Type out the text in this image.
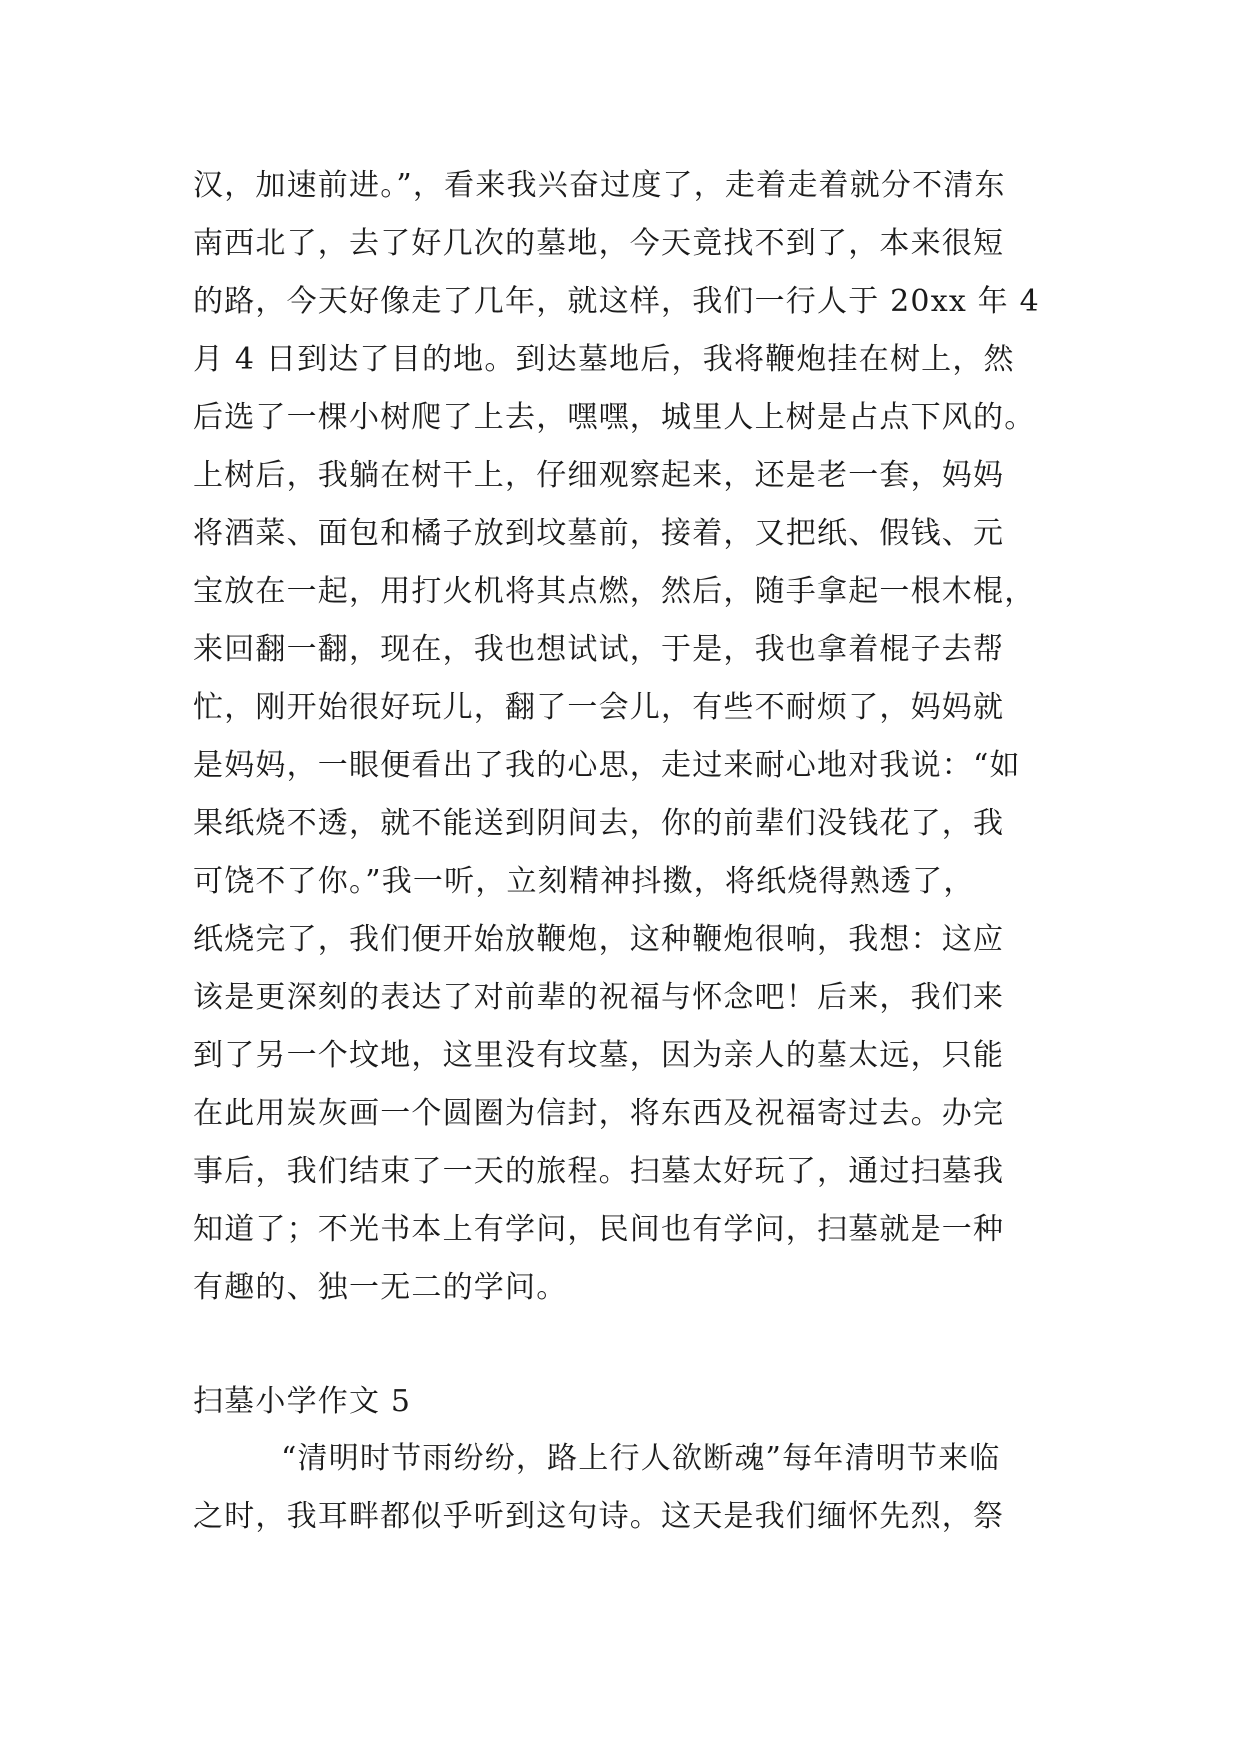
汉，加速前进。”，看来我兴奋过度了，走着走着就分不清东
南西北了，去了好几次的墓地，今天竟找不到了，本来很短
的路，今天好像走了几年，就这样，我们一行人于 20xx 年 4
月 4 日到达了目的地。到达墓地后，我将鞭炮挂在树上，然
后选了一棵小树爬了上去，嘿嘿，城里人上树是占点下风的。
上树后，我躺在树干上，仔细观察起来，还是老一套，妈妈
将酒菜、面包和橘子放到坟墓前，接着，又把纸、假钱、元
宝放在一起，用打火机将其点燃，然后，随手拿起一根木棍，
来回翻一翻，现在，我也想试试，于是，我也拿着棍子去帮
忙，刚开始很好玩儿，翻了一会儿，有些不耐烦了，妈妈就
是妈妈，一眼便看出了我的心思，走过来耐心地对我说：“如
果纸烧不透，就不能送到阴间去，你的前辈们没钱花了，我
可饶不了你。”我一听，立刻精神抖擞，将纸烧得熟透了，
纸烧完了，我们便开始放鞭炮，这种鞭炮很响，我想：这应
该是更深刻的表达了对前辈的祝福与怀念吧！后来，我们来
到了另一个坟地，这里没有坟墓，因为亲人的墓太远，只能
在此用炭灰画一个圆圈为信封，将东西及祝福寄过去。办完
事后，我们结束了一天的旅程。扫墓太好玩了，通过扫墓我
知道了；不光书本上有学问，民间也有学问，扫墓就是一种
有趣的、独一无二的学问。
扫墓小学作文 5
“清明时节雨纷纷，路上行人欲断魂”每年清明节来临
之时，我耳畔都似乎听到这句诗。这天是我们缅怀先烈，祭
